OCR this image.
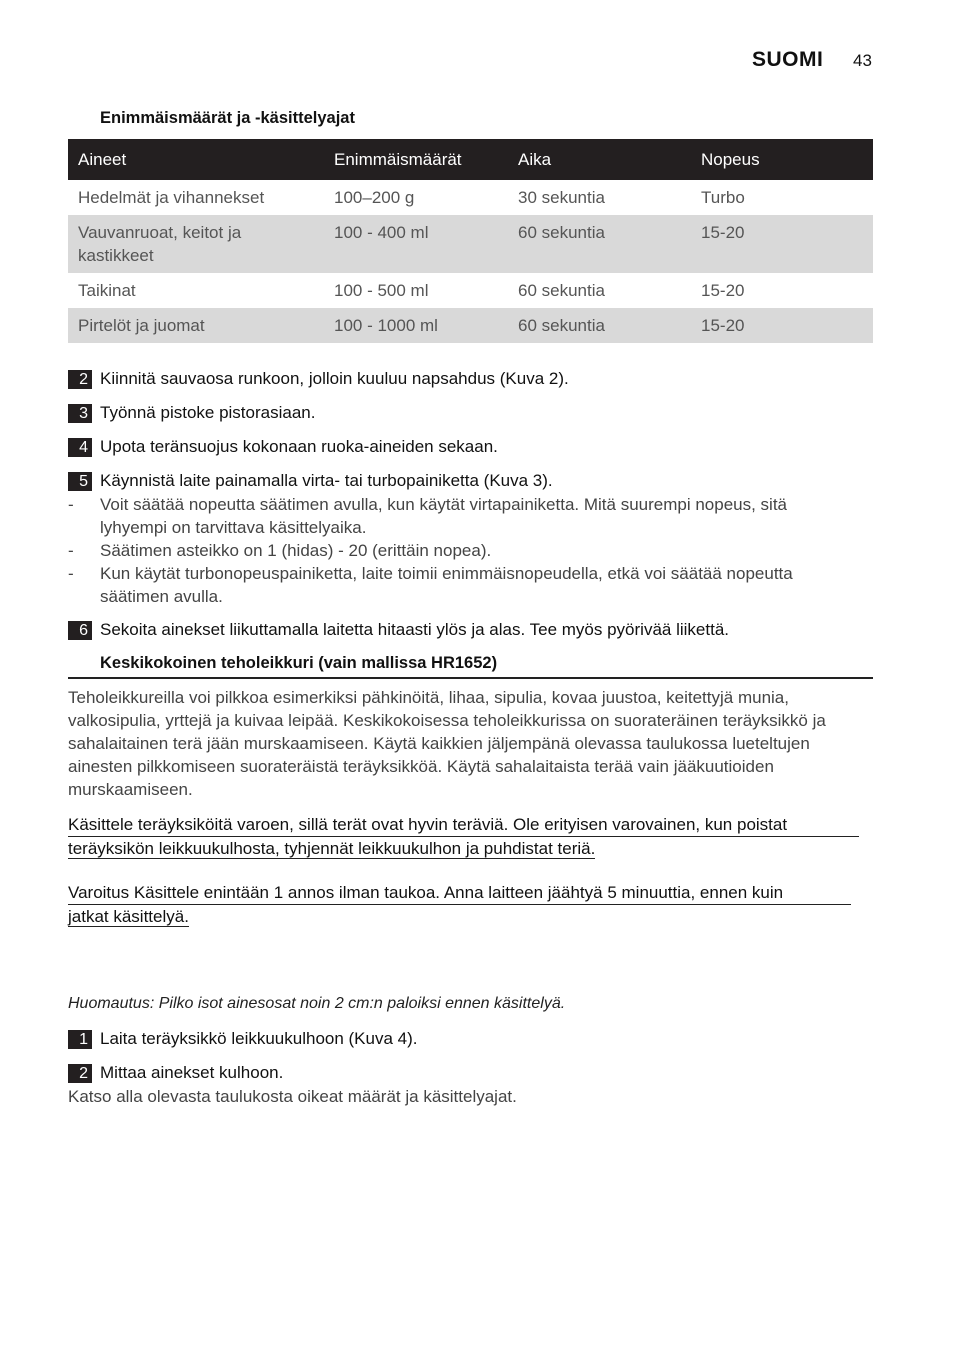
SUOMI 43
Enimmäismäärät ja -käsittelyajat
Aineet	Enimmäismäärät	Aika	Nopeus
Hedelmät ja vihannekset	100–200 g	30 sekuntia	Turbo
Vauvanruoat, keitot ja kastikkeet	100 - 400 ml	60 sekuntia	15-20
Taikinat	100 - 500 ml	60 sekuntia	15-20
Pirtelöt ja juomat	100 - 1000 ml	60 sekuntia	15-20
2 Kiinnitä sauvaosa runkoon, jolloin kuuluu napsahdus (Kuva 2).
3 Työnnä pistoke pistorasiaan.
4 Upota teränsuojus kokonaan ruoka-aineiden sekaan.
5 Käynnistä laite painamalla virta- tai turbopainiketta (Kuva 3).
- Voit säätää nopeutta säätimen avulla, kun käytät virtapainiketta. Mitä suurempi nopeus, sitä
lyhyempi on tarvittava käsittelyaika.
- Säätimen asteikko on 1 (hidas) - 20 (erittäin nopea).
- Kun käytät turbonopeuspainiketta, laite toimii enimmäisnopeudella, etkä voi säätää nopeutta
säätimen avulla.
6 Sekoita ainekset liikuttamalla laitetta hitaasti ylös ja alas. Tee myös pyörivää liikettä.
Keskikokoinen teholeikkuri (vain mallissa HR1652)
Teholeikkureilla voi pilkkoa esimerkiksi pähkinöitä, lihaa, sipulia, kovaa juustoa, keitettyjä munia,
valkosipulia, yrttejä ja kuivaa leipää. Keskikokoisessa teholeikkurissa on suorateräinen teräyksikkö ja
sahalaitainen terä jään murskaamiseen. Käytä kaikkien jäljempänä olevassa taulukossa lueteltujen
ainesten pilkkomiseen suorateräistä teräyksikköä. Käytä sahalaitaista terää vain jääkuutioiden
murskaamiseen.
Käsittele teräyksiköitä varoen, sillä terät ovat hyvin teräviä. Ole erityisen varovainen, kun poistat
teräyksikön leikkuukulhosta, tyhjennät leikkuukulhon ja puhdistat teriä.
Varoitus Käsittele enintään 1 annos ilman taukoa. Anna laitteen jäähtyä 5 minuuttia, ennen kuin
jatkat käsittelyä.
Huomautus: Pilko isot ainesosat noin 2 cm:n paloiksi ennen käsittelyä.
1 Laita teräyksikkö leikkuukulhoon (Kuva 4).
2 Mittaa ainekset kulhoon.
Katso alla olevasta taulukosta oikeat määrät ja käsittelyajat.
